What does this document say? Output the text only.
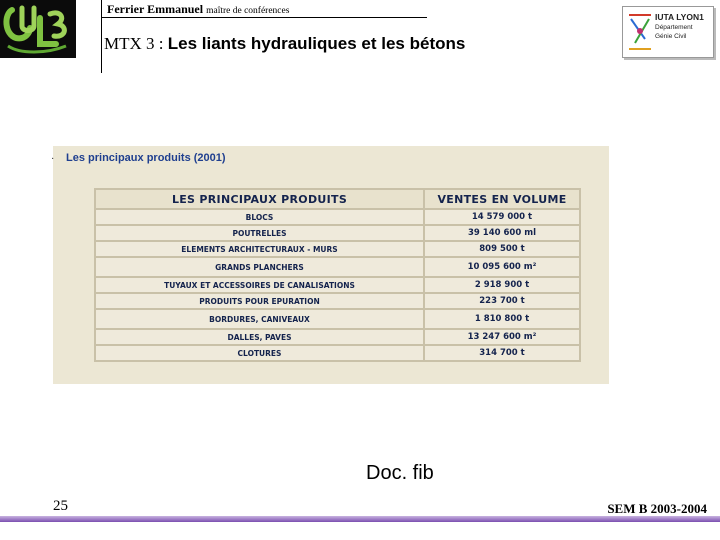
Ferrier Emmanuel maître de conférences
MTX 3 : Les liants hydrauliques et les bétons
IUTA LYON1
Département
Génie Civil
· Les principaux produits (2001)
LES PRINCIPAUX PRODUITS	VENTES EN VOLUME
BLOCS	14 579 000 t
POUTRELLES	39 140 600 ml
ELEMENTS ARCHITECTURAUX - MURS	809 500 t
GRANDS PLANCHERS	10 095 600 m²
TUYAUX ET ACCESSOIRES DE CANALISATIONS	2 918 900 t
PRODUITS POUR EPURATION	223 700 t
BORDURES, CANIVEAUX	1 810 800 t
DALLES, PAVES	13 247 600 m²
CLOTURES	314 700 t
Doc. fib
25	SEM B 2003-2004
